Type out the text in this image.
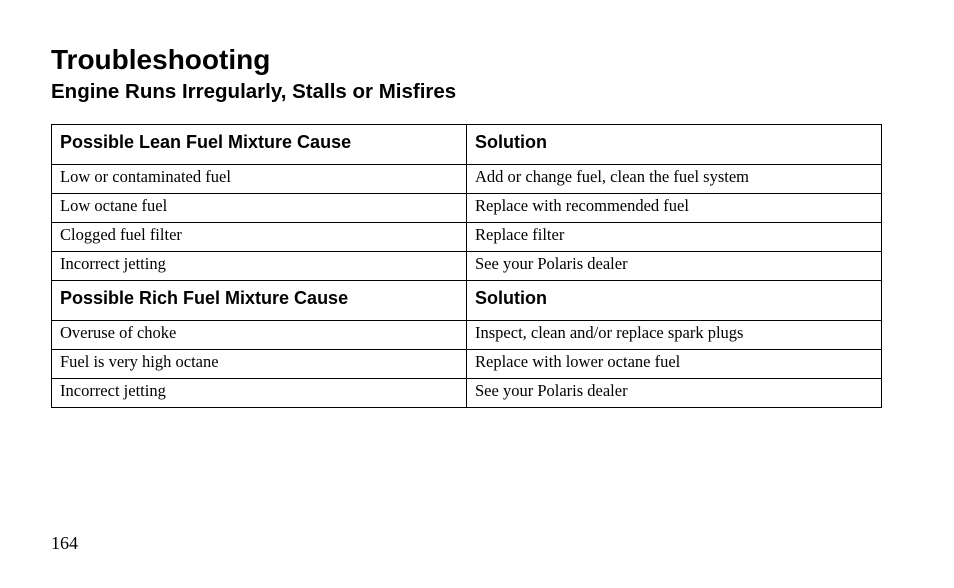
Troubleshooting
Engine Runs Irregularly, Stalls or Misfires
Possible Lean Fuel Mixture Cause	Solution
Low or contaminated fuel	Add or change fuel, clean the fuel system
Low octane fuel	Replace with recommended fuel
Clogged fuel filter	Replace filter
Incorrect jetting	See your Polaris dealer
Possible Rich Fuel Mixture Cause	Solution
Overuse of choke	Inspect, clean and/or replace spark plugs
Fuel is very high octane	Replace with lower octane fuel
Incorrect jetting	See your Polaris dealer
164
